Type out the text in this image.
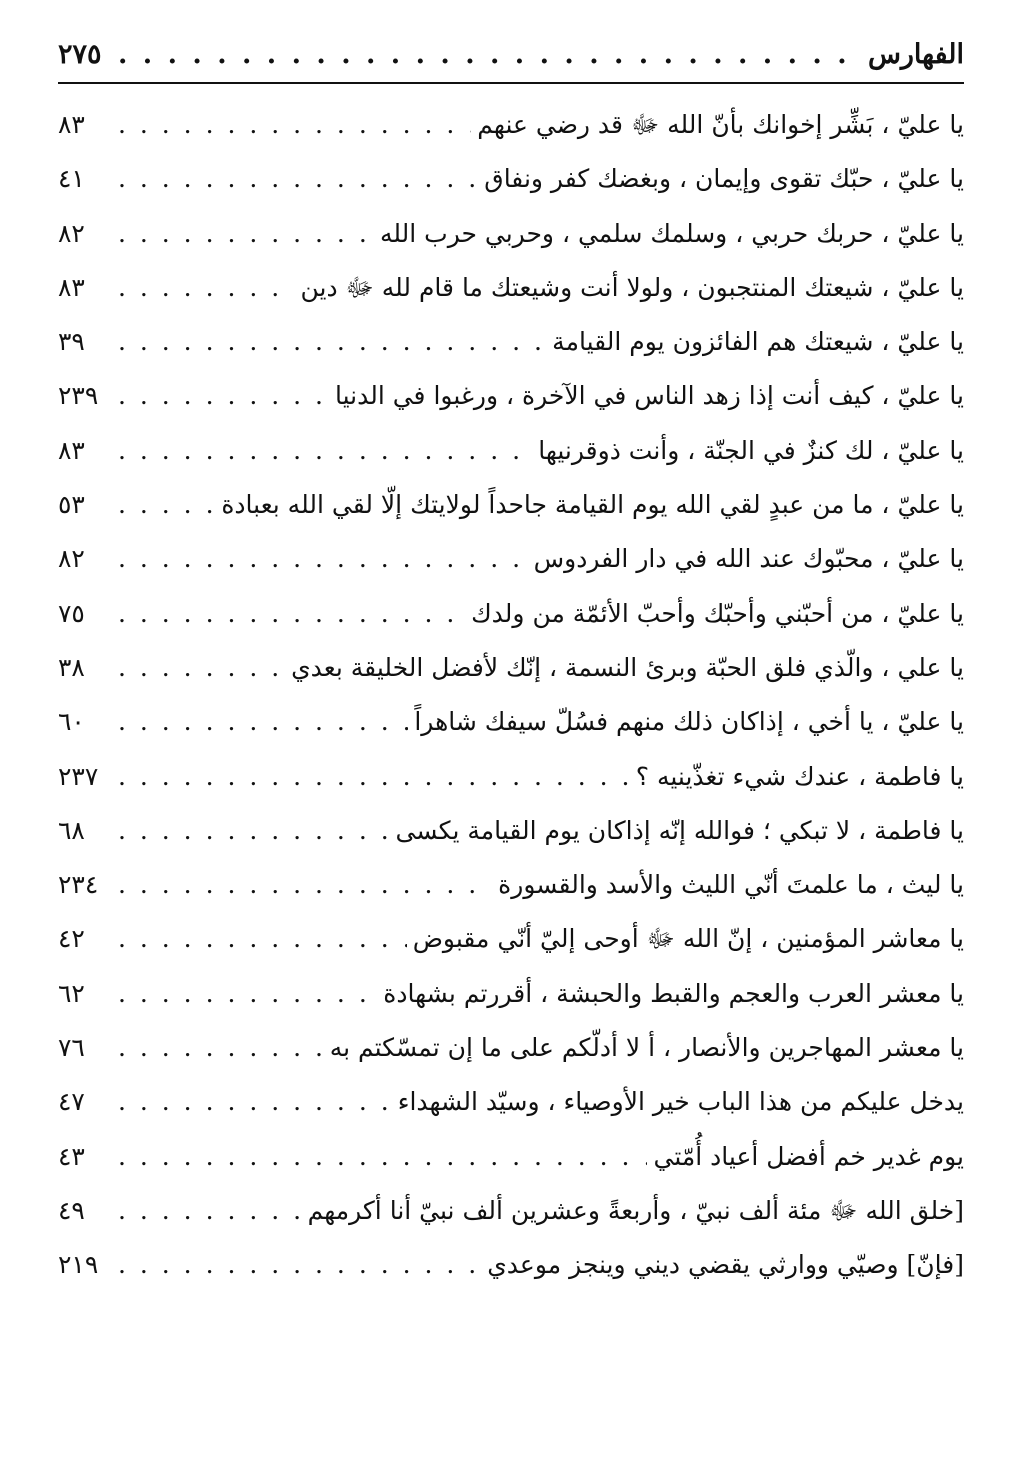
الفهارس
. . .
٢٧٥
يا عليّ ، بَشِّر إخوانك بأنّ الله ﷻ قد رضي عنهم
. . .
٨٣
يا عليّ ، حبّك تقوى وإيمان ، وبغضك كفر ونفاق
. . .
٤١
يا عليّ ، حربك حربي ، وسلمك سلمي ، وحربي حرب الله
. . .
٨٢
يا عليّ ، شيعتك المنتجبون ، ولولا أنت وشيعتك ما قام لله ﷻ دين
. . .
٨٣
يا عليّ ، شيعتك هم الفائزون يوم القيامة
. . .
٣٩
يا عليّ ، كيف أنت إذا زهد الناس في الآخرة ، ورغبوا في الدنيا
. . .
٢٣٩
يا عليّ ، لك كنزٌ في الجنّة ، وأنت ذوقرنيها
. . .
٨٣
يا عليّ ، ما من عبدٍ لقي الله يوم القيامة جاحداً لولايتك إلّا لقي الله بعبادة
. . .
٥٣
يا عليّ ، محبّوك عند الله في دار الفردوس
. . .
٨٢
يا عليّ ، من أحبّني وأحبّك وأحبّ الأئمّة من ولدك
. . .
٧٥
يا علي ، والّذي فلق الحبّة وبرئ النسمة ، إنّك لأفضل الخليقة بعدي
. . .
٣٨
يا عليّ ، يا أخي ، إذاكان ذلك منهم فسُلّ سيفك شاهراً
. . .
٦٠
يا فاطمة ، عندك شيء تغذّينيه ؟
. . .
٢٣٧
يا فاطمة ، لا تبكي ؛ فوالله إنّه إذاكان يوم القيامة يكسى
. . .
٦٨
يا ليث ، ما علمتَ أنّي الليث والأسد والقسورة
. . .
٢٣٤
يا معاشر المؤمنين ، إنّ الله ﷻ أوحى إليّ أنّي مقبوض
. . .
٤٢
يا معشر العرب والعجم والقبط والحبشة ، أقررتم بشهادة
. . .
٦٢
يا معشر المهاجرين والأنصار ، أ لا أدلّكم على ما إن تمسّكتم به
. . .
٧٦
يدخل عليكم من هذا الباب خير الأوصياء ، وسيّد الشهداء
. . .
٤٧
يوم غدير خم أفضل أعياد أُمّتي
. . .
٤٣
[خلق الله ﷻ مئة ألف نبيّ ، وأربعةً وعشرين ألف نبيّ أنا أكرمهم
. . .
٤٩
[فإنّ] وصيّي ووارثي يقضي ديني وينجز موعدي
. . .
٢١٩
